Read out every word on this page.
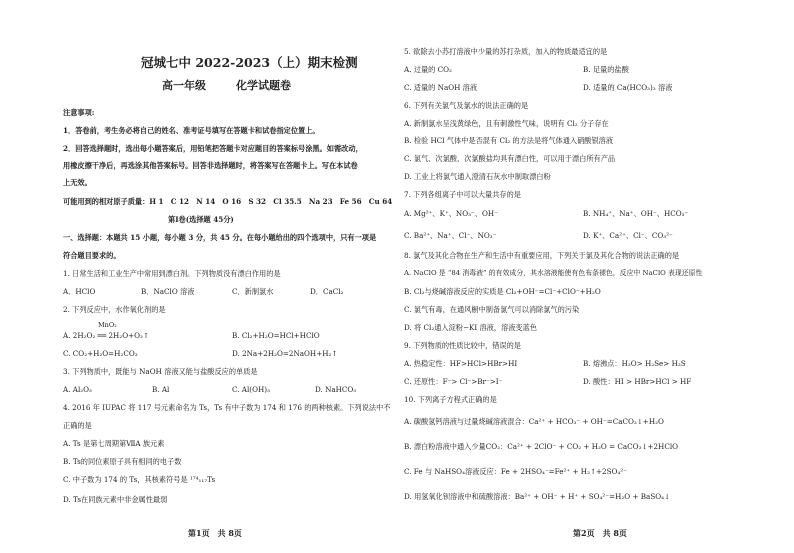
冠城七中 2022-2023（上）期末检测
高一年级	化学试题卷
注意事项:
1．答卷前，考生务必将自己的姓名、准考证号填写在答题卡和试卷指定位置上。
2．回答选择题时，选出每小题答案后，用铅笔把答题卡对应题目的答案标号涂黑。如需改动，
用橡皮擦干净后，再选涂其他答案标号。回答非选择题时，将答案写在答题卡上。写在本试卷
上无效。
可能用到的相对原子质量：H 1　C 12　N 14　O 16　S 32　Cl 35.5　Na 23　Fe 56　Cu 64
第Ⅰ卷(选择题 45分)
一、选择题：本题共 15 小题，每小题 3 分，共 45 分。在每小题给出的四个选项中，只有一项是
符合题目要求的。
1. 日常生活和工业生产中常用到漂白剂。下列物质没有漂白作用的是
A．HClO	B．NaClO 溶液	C．新制氯水	D．CaCl₂
2. 下列反应中，水作氧化剂的是
MnO₂
A. 2H₂O₂ ══ 2H₂O+O₂↑	B. Cl₂+H₂O=HCl+HClO
C. CO₂+H₂O=H₂CO₃	D. 2Na+2H₂O=2NaOH+H₂↑
3. 下列物质中，既能与 NaOH 溶液又能与盐酸反应的单质是
A. Al₂O₃	B. Al	C. Al(OH)₃	D. NaHCO₃
4. 2016 年 IUPAC 将 117 号元素命名为 Ts，Ts 有中子数为 174 和 176 的两种核素。下列说法中不
正确的是
A. Ts 是第七周期第ⅦA 族元素
B. Ts的同位素原子具有相同的电子数
C. 中子数为 174 的 Ts，其核素符号是 ¹⁷⁴₁₁₇Ts
D. Ts在同族元素中非金属性最弱
第1页　共 8页
5. 欲除去小苏打溶液中少量的苏打杂质，加入的物质最适宜的是
A. 过量的 CO₂	B. 足量的盐酸
C. 适量的 NaOH 溶液	D. 适量的 Ca(HCO₃)₂ 溶液
6. 下列有关氯气及氯水的说法正确的是
A. 新制氯水呈浅黄绿色，且有刺激性气味，说明有 Cl₂ 分子存在
B. 检验 HCl 气体中是否混有 Cl₂ 的方法是将气体通入硝酸银溶液
C. 氯气、次氯酸、次氯酸盐均具有漂白性，可以用于漂白所有产品
D. 工业上将氯气通入澄清石灰水中制取漂白粉
7. 下列各组离子中可以大量共存的是
A. Mg²⁺、K⁺、NO₃⁻、OH⁻	B. NH₄⁺、Na⁺、OH⁻、HCO₃⁻
C. Ba²⁺、Na⁺、Cl⁻、NO₃⁻	D. K⁺、Ca²⁺、Cl⁻、CO₃²⁻
8. 氯气及其化合物在生产和生活中有重要应用，下列关于氯及其化合物的说法正确的是
A. NaClO 是 “84 消毒液” 的有效成分，其水溶液能使有色布条褪色，反应中 NaClO 表现还原性
B. Cl₂与烧碱溶液反应的实质是 Cl₂+OH⁻=Cl⁻+ClO⁻+H₂O
C. 氯气有毒，在通风橱中制备氯气可以消除氯气的污染
D. 将 Cl₂通入淀粉−KI 溶液，溶液变蓝色
9. 下列物质的性质比较中，错误的是
A. 热稳定性：HF>HCl>HBr>HI	B. 熔沸点：H₂O> H₂Se> H₂S
C. 还原性：F⁻> Cl⁻>Br⁻>I⁻	D. 酸性：HI > HBr>HCl > HF
10. 下列离子方程式正确的是
A. 碳酸氢钙溶液与过量烧碱溶液混合：Ca²⁺ + HCO₃⁻ + OH⁻=CaCO₃↓+H₂O
B. 漂白粉溶液中通入少量CO₂：Ca²⁺ + 2ClO⁻ + CO₂ + H₂O = CaCO₃↓+2HClO
C. Fe 与 NaHSO₄溶液反应：Fe + 2HSO₄⁻=Fe²⁺ + H₂↑+2SO₄²⁻
D. 用氢氧化钡溶液中和硫酸溶液：Ba²⁺ + OH⁻ + H⁺ + SO₄²⁻=H₂O + BaSO₄↓
第2页　共 8页
